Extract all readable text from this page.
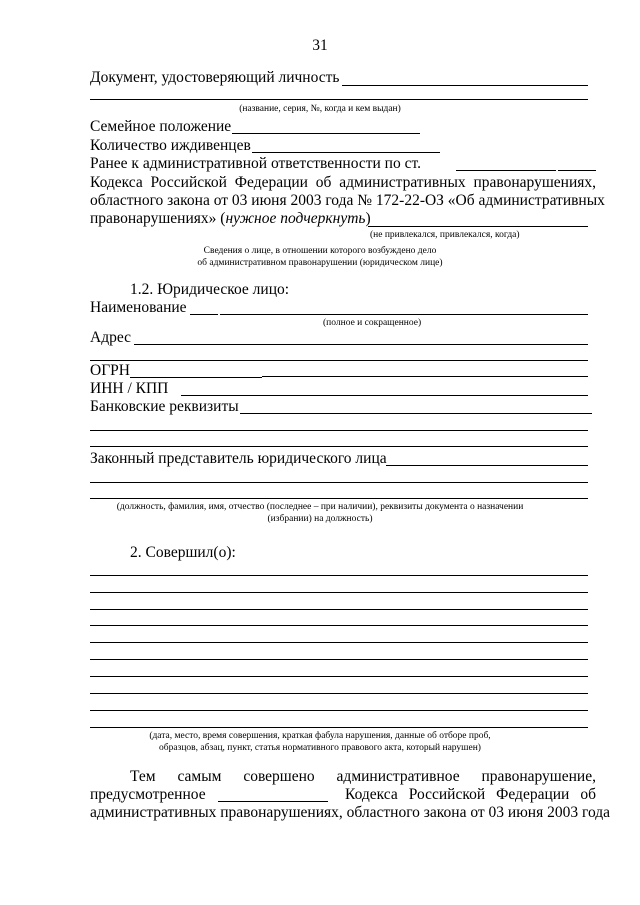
31
Документ, удостоверяющий личность
(название, серия, №, когда и кем выдан)
Семейное положение
Количество иждивенцев
Ранее к административной ответственности по ст.
Кодекса Российской Федерации об административных правонарушениях,
областного закона от 03 июня 2003 года № 172-22-ОЗ «Об административных
правонарушениях» (нужное подчеркнуть)
(не привлекался, привлекался, когда)
Сведения о лице, в отношении которого возбуждено дело
об административном правонарушении (юридическом лице)
1.2. Юридическое лицо:
Наименование
(полное и сокращенное)
Адрес
ОГРН
ИНН / КПП
Банковские реквизиты
Законный представитель юридического лица
(должность, фамилия, имя, отчество (последнее – при наличии), реквизиты документа о назначении
(избрании) на должность)
2. Совершил(о):
(дата, место, время совершения, краткая фабула нарушения, данные об отборе проб,
образцов, абзац, пункт, статья нормативного правового акта, который нарушен)
Тем самым совершено административное правонарушение,
предусмотренное	Кодекса Российской Федерации об
административных правонарушениях, областного закона от 03 июня 2003 года
